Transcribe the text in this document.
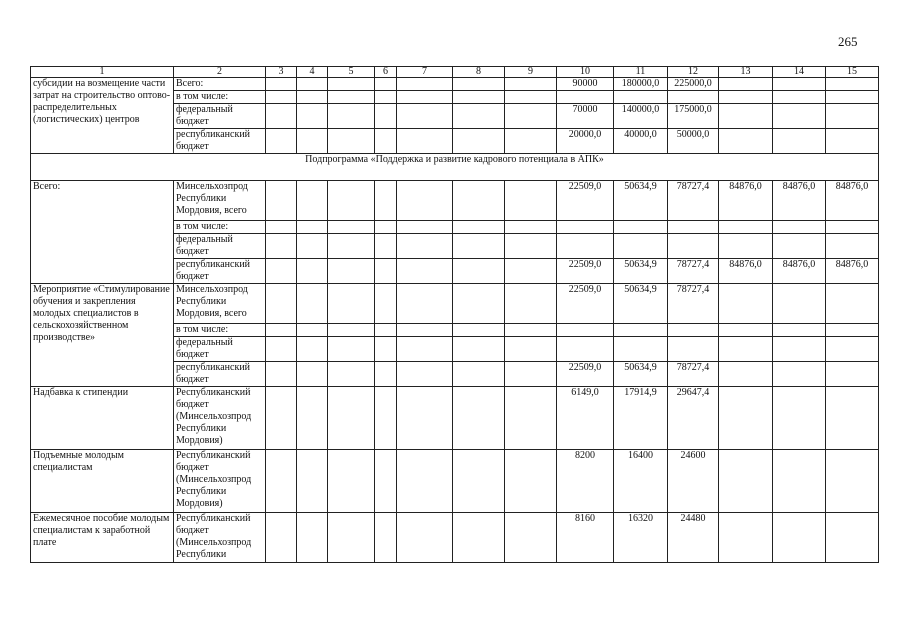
265
1	2	3	4	5	6	7	8	9	10	11	12	13	14	15
субсидии на возмещение части затрат на строительство оптово-распределительных (логистических) центров	Всего:								90000	180000,0	225000,0			
	в том числе:													
	федеральный бюджет								70000	140000,0	175000,0			
	республиканский бюджет								20000,0	40000,0	50000,0			
Подпрограмма «Поддержка и развитие кадрового потенциала в АПК»														
Всего:	Минсельхозпрод Республики Мордовия, всего								22509,0	50634,9	78727,4	84876,0	84876,0	84876,0
	в том числе:													
	федеральный бюджет													
	республиканский бюджет								22509,0	50634,9	78727,4	84876,0	84876,0	84876,0
Мероприятие «Стимулирование обучения и закрепления молодых специалистов в сельскохозяйственном производстве»	Минсельхозпрод Республики Мордовия, всего								22509,0	50634,9	78727,4			
	в том числе:													
	федеральный бюджет													
	республиканский бюджет								22509,0	50634,9	78727,4			
Надбавка к стипендии	Республиканский бюджет (Минсельхозпрод Республики Мордовия)								6149,0	17914,9	29647,4			
Подъемные молодым специалистам	Республиканский бюджет (Минсельхозпрод Республики Мордовия)								8200	16400	24600			
Ежемесячное пособие молодым специалистам к заработной плате	Республиканский бюджет (Минсельхозпрод Республики								8160	16320	24480			
